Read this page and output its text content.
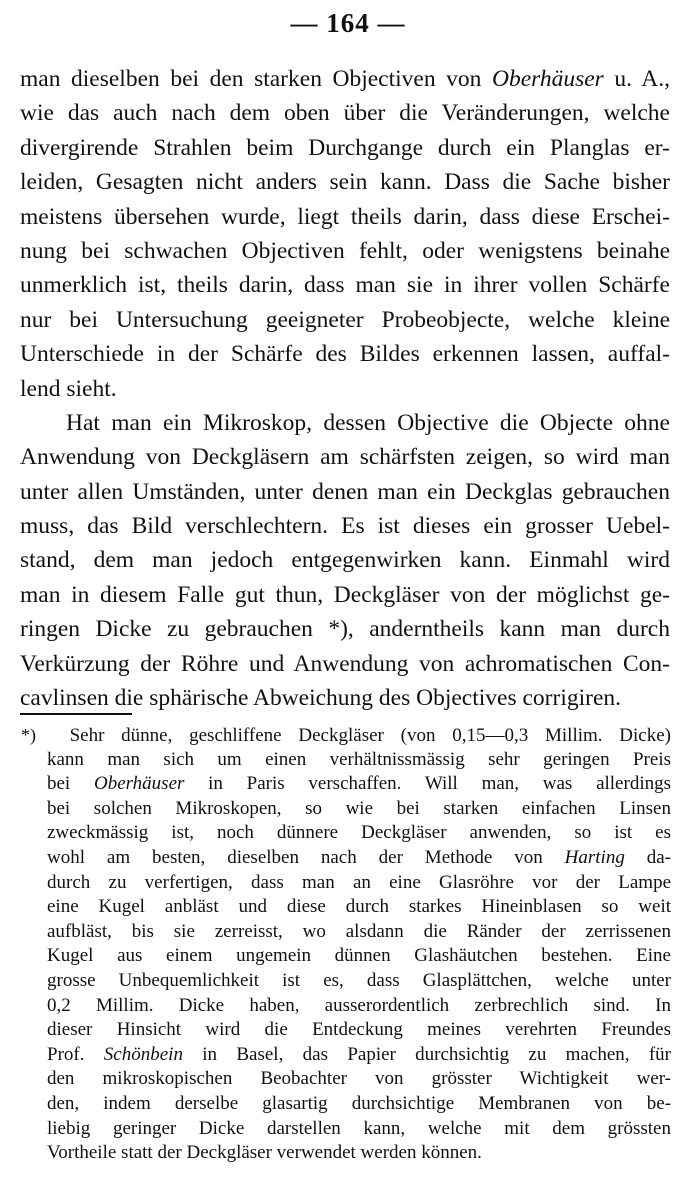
— 164 —
man dieselben bei den starken Objectiven von Oberhäuser u. A.,
wie das auch nach dem oben über die Veränderungen, welche
divergirende Strahlen beim Durchgange durch ein Planglas er-
leiden, Gesagten nicht anders sein kann. Dass die Sache bisher
meistens übersehen wurde, liegt theils darin, dass diese Erschei-
nung bei schwachen Objectiven fehlt, oder wenigstens beinahe
unmerklich ist, theils darin, dass man sie in ihrer vollen Schärfe
nur bei Untersuchung geeigneter Probeobjecte, welche kleine
Unterschiede in der Schärfe des Bildes erkennen lassen, auffal-
lend sieht.
Hat man ein Mikroskop, dessen Objective die Objecte ohne
Anwendung von Deckgläsern am schärfsten zeigen, so wird man
unter allen Umständen, unter denen man ein Deckglas gebrauchen
muss, das Bild verschlechtern. Es ist dieses ein grosser Uebel-
stand, dem man jedoch entgegenwirken kann. Einmahl wird
man in diesem Falle gut thun, Deckgläser von der möglichst ge-
ringen Dicke zu gebrauchen *), anderntheils kann man durch
Verkürzung der Röhre und Anwendung von achromatischen Con-
cavlinsen die sphärische Abweichung des Objectives corrigiren.
*) Sehr dünne, geschliffene Deckgläser (von 0,15—0,3 Millim. Dicke)
kann man sich um einen verhältnissmässig sehr geringen Preis
bei Oberhäuser in Paris verschaffen. Will man, was allerdings
bei solchen Mikroskopen, so wie bei starken einfachen Linsen
zweckmässig ist, noch dünnere Deckgläser anwenden, so ist es
wohl am besten, dieselben nach der Methode von Harting da-
durch zu verfertigen, dass man an eine Glasröhre vor der Lampe
eine Kugel anbläst und diese durch starkes Hineinblasen so weit
aufbläst, bis sie zerreisst, wo alsdann die Ränder der zerrissenen
Kugel aus einem ungemein dünnen Glashäutchen bestehen. Eine
grosse Unbequemlichkeit ist es, dass Glasplättchen, welche unter
0,2 Millim. Dicke haben, ausserordentlich zerbrechlich sind. In
dieser Hinsicht wird die Entdeckung meines verehrten Freundes
Prof. Schönbein in Basel, das Papier durchsichtig zu machen, für
den mikroskopischen Beobachter von grösster Wichtigkeit wer-
den, indem derselbe glasartig durchsichtige Membranen von be-
liebig geringer Dicke darstellen kann, welche mit dem grössten
Vortheile statt der Deckgläser verwendet werden können.
